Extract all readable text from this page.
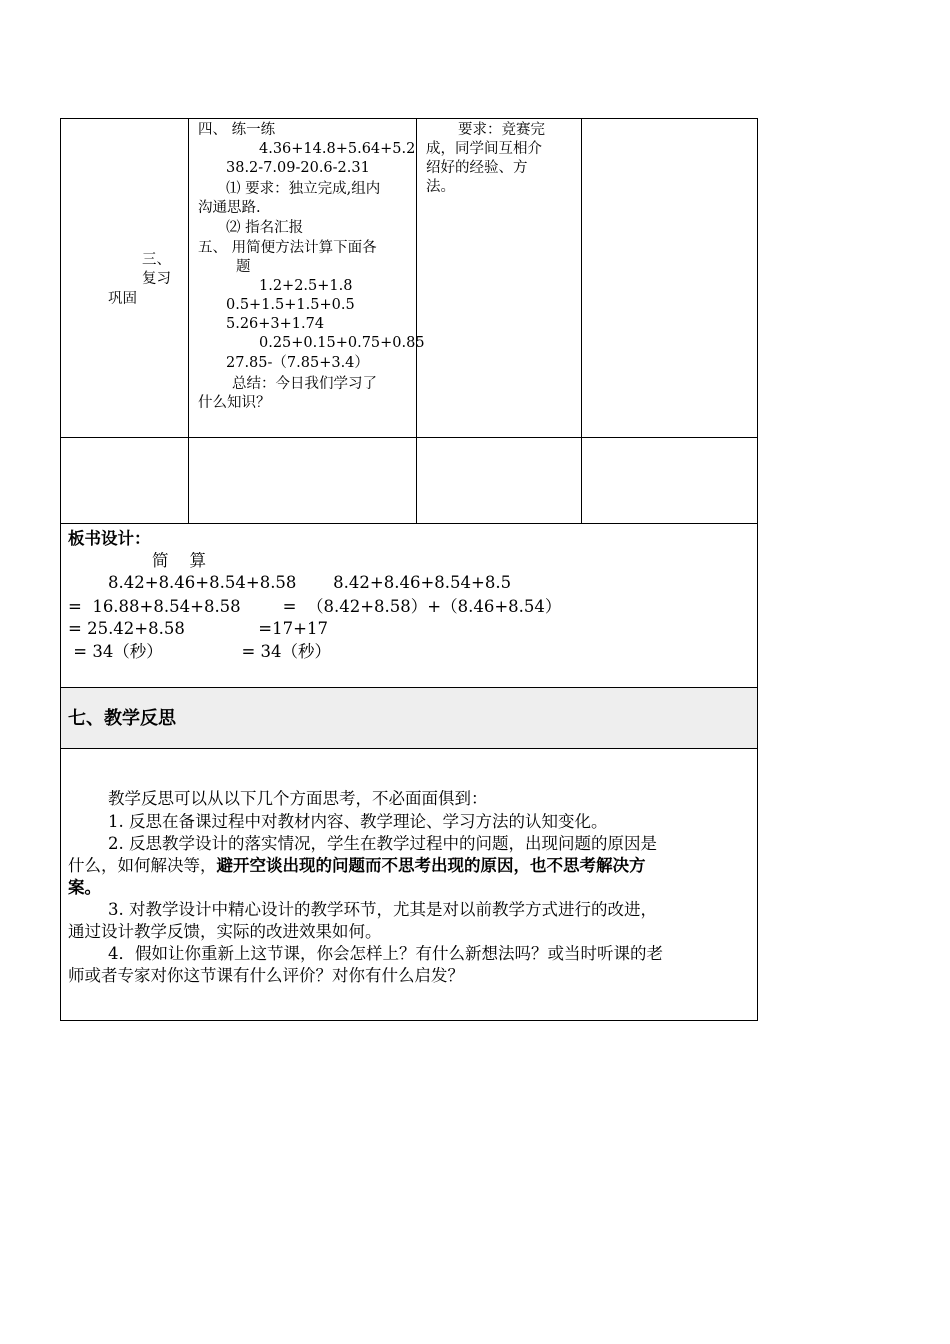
三、
复习
巩固
四、 练一练
4.36+14.8+5.64+5.2
38.2-7.09-20.6-2.31
⑴ 要求：独立完成,组内
沟通思路.
⑵ 指名汇报
五、 用简便方法计算下面各
题
1.2+2.5+1.8
0.5+1.5+1.5+0.5
5.26+3+1.74
0.25+0.15+0.75+0.85
27.85-（7.85+3.4）
总结：今日我们学习了
什么知识？
要求：竞赛完
成，同学间互相介
绍好的经验、方
法。
板书设计：
简    算
8.42+8.46+8.54+8.58       8.42+8.46+8.54+8.5
=  16.88+8.54+8.58        =  （8.42+8.58）+（8.46+8.54）
= 25.42+8.58              =17+17
= 34（秒）               = 34（秒）
七、教学反思
教学反思可以从以下几个方面思考，不必面面俱到：
1. 反思在备课过程中对教材内容、教学理论、学习方法的认知变化。
2. 反思教学设计的落实情况，学生在教学过程中的问题，出现问题的原因是
什么，如何解决等，避开空谈出现的问题而不思考出现的原因，也不思考解决方
案。
3. 对教学设计中精心设计的教学环节，尤其是对以前教学方式进行的改进，
通过设计教学反馈，实际的改进效果如何。
4．假如让你重新上这节课，你会怎样上？有什么新想法吗？或当时听课的老
师或者专家对你这节课有什么评价？对你有什么启发？
